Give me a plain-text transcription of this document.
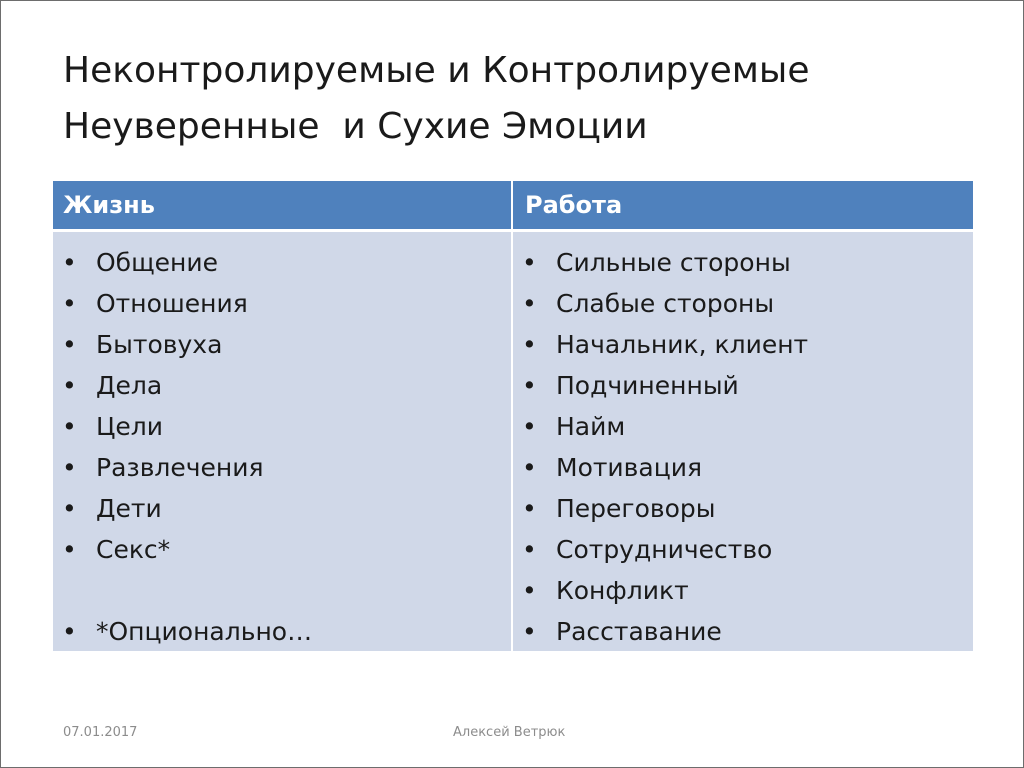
Неконтролируемые и Контролируемые
Неуверенные  и Сухие Эмоции
Жизнь	Работа
• Общение
• Отношения
• Бытовуха
• Дела
• Цели
• Развлечения
• Дети
• Секс*
• *Опционально…
• Сильные стороны
• Слабые стороны
• Начальник, клиент
• Подчиненный
• Найм
• Мотивация
• Переговоры
• Сотрудничество
• Конфликт
• Расставание
07.01.2017	Алексей Ветрюк
